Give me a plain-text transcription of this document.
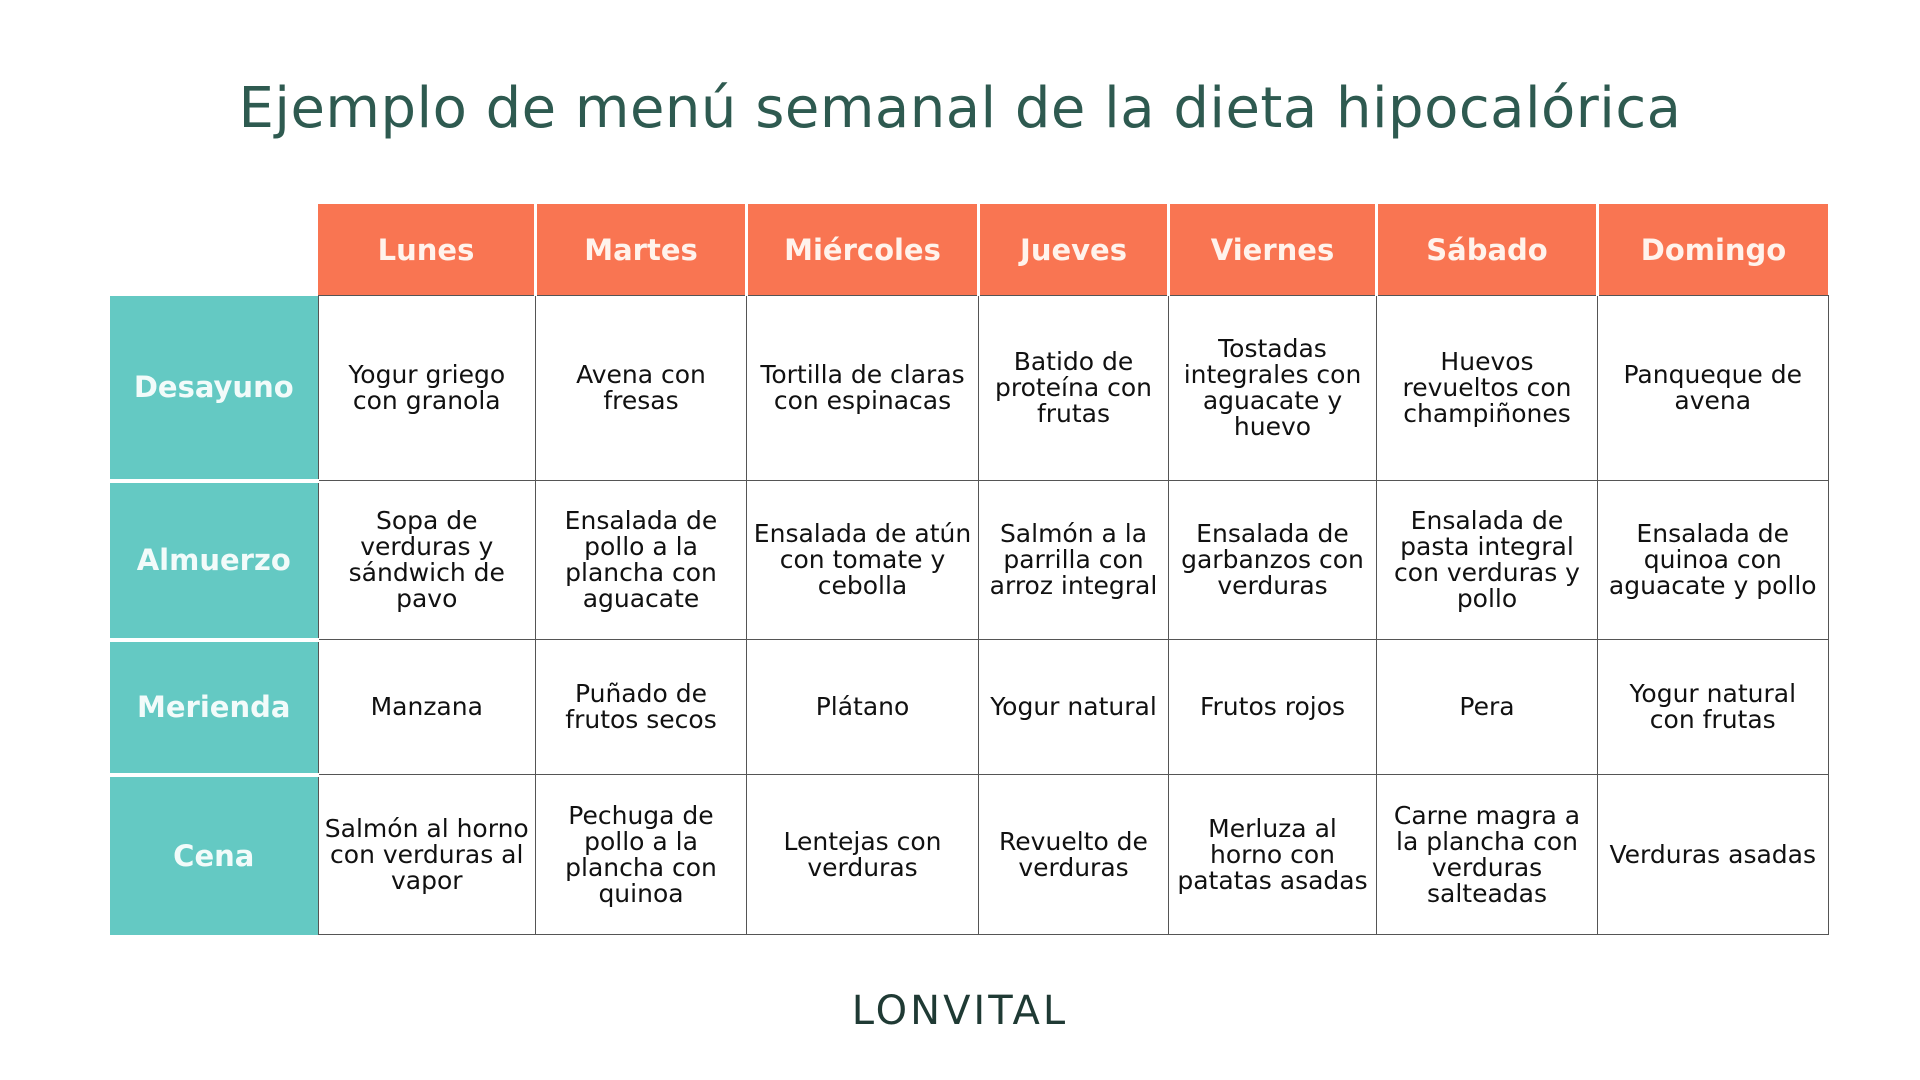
Ejemplo de menú semanal de la dieta hipocalórica
	Lunes	Martes	Miércoles	Jueves	Viernes	Sábado	Domingo
Desayuno	Yogur griego con granola	Avena con fresas	Tortilla de claras con espinacas	Batido de proteína con frutas	Tostadas integrales con aguacate y huevo	Huevos revueltos con champiñones	Panqueque de avena
Almuerzo	Sopa de verduras y sándwich de pavo	Ensalada de pollo a la plancha con aguacate	Ensalada de atún con tomate y cebolla	Salmón a la parrilla con arroz integral	Ensalada de garbanzos con verduras	Ensalada de pasta integral con verduras y pollo	Ensalada de quinoa con aguacate y pollo
Merienda	Manzana	Puñado de frutos secos	Plátano	Yogur natural	Frutos rojos	Pera	Yogur natural con frutas
Cena	Salmón al horno con verduras al vapor	Pechuga de pollo a la plancha con quinoa	Lentejas con verduras	Revuelto de verduras	Merluza al horno con patatas asadas	Carne magra a la plancha con verduras salteadas	Verduras asadas
LONVITAL
